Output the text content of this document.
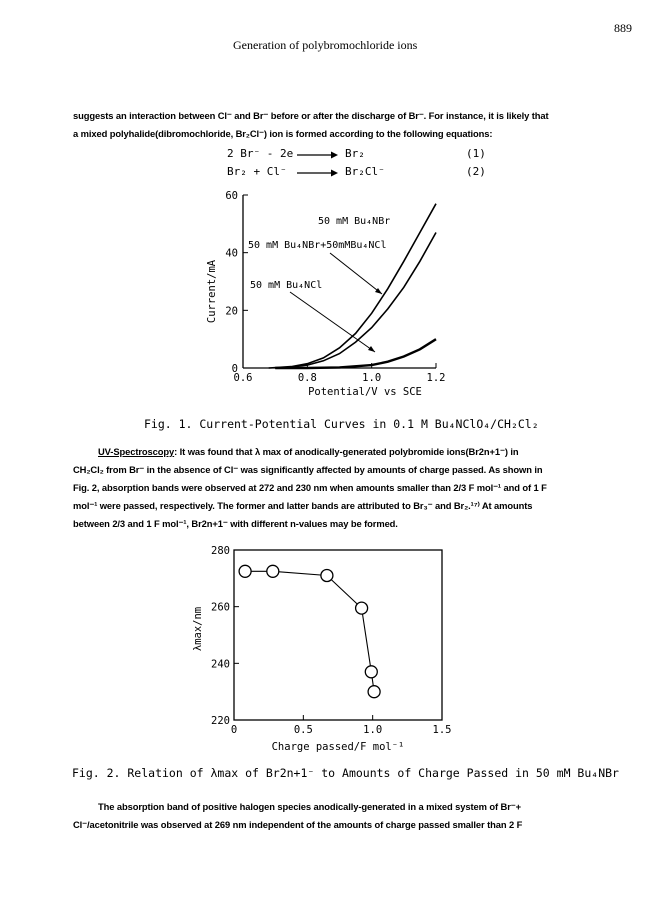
Generation of polybromochloride ions
889
suggests an interaction between Cl⁻ and Br⁻ before or after the discharge of Br⁻. For instance, it is likely that
a mixed polyhalide(dibromochloride, Br₂Cl⁻) ion is formed according to the following equations:
2 Br⁻ - 2e	Br₂	(1)
Br₂ + Cl⁻	Br₂Cl⁻	(2)
0
20
40
60
0.6	0.8	1.0	1.2
Potential/V vs SCE
Current/mA
50 mM Bu₄NBr
50 mM Bu₄NBr+50mMBu₄NCl
50 mM Bu₄NCl
Fig. 1. Current-Potential Curves in 0.1 M Bu₄NClO₄/CH₂Cl₂
UV-Spectroscopy: It was found that λ max of anodically-generated polybromide ions(Br2n+1⁻) in
CH₂Cl₂ from Br⁻ in the absence of Cl⁻ was significantly affected by amounts of charge passed. As shown in
Fig. 2, absorption bands were observed at 272 and 230 nm when amounts smaller than 2/3 F mol⁻¹ and of 1 F
mol⁻¹ were passed, respectively. The former and latter bands are attributed to Br₃⁻ and Br₂.¹⁷⁾ At amounts
between 2/3 and 1 F mol⁻¹, Br2n+1⁻ with different n-values may be formed.
220
240
260
280
0	0.5	1.0	1.5
Charge passed/F mol⁻¹
λmax/nm
Fig. 2. Relation of λmax of Br2n+1⁻ to Amounts of Charge Passed in 50 mM Bu₄NBr
The absorption band of positive halogen species anodically-generated in a mixed system of Br⁻+
Cl⁻/acetonitrile was observed at 269 nm independent of the amounts of charge passed smaller than 2 F
